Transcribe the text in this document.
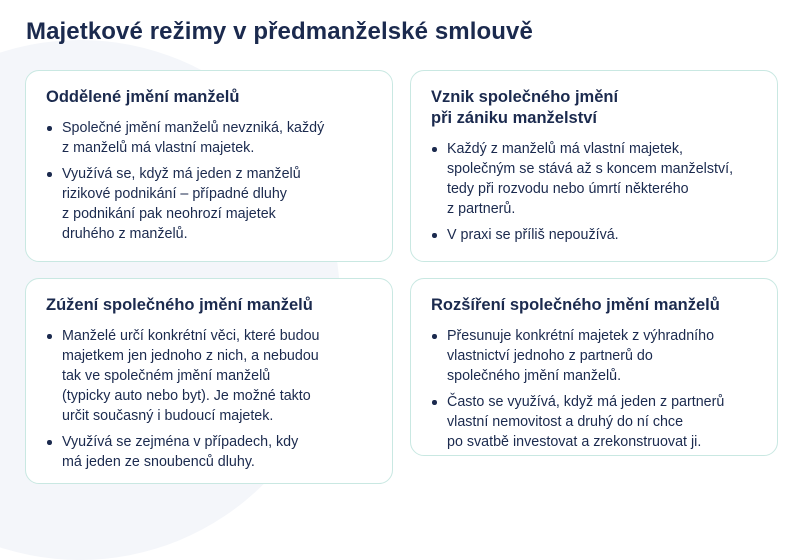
Majetkové režimy v předmanželské smlouvě
Oddělené jmění manželů
Společné jmění manželů nevzniká, každý
z manželů má vlastní majetek.
Využívá se, když má jeden z manželů
rizikové podnikání – případné dluhy
z podnikání pak neohrozí majetek
druhého z manželů.
Vznik společného jmění
při zániku manželství
Každý z manželů má vlastní majetek,
společným se stává až s koncem manželství,
tedy při rozvodu nebo úmrtí některého
z partnerů.
V praxi se příliš nepoužívá.
Zúžení společného jmění manželů
Manželé určí konkrétní věci, které budou
majetkem jen jednoho z nich, a nebudou
tak ve společném jmění manželů
(typicky auto nebo byt). Je možné takto
určit současný i budoucí majetek.
Využívá se zejména v případech, kdy
má jeden ze snoubenců dluhy.
Rozšíření společného jmění manželů
Přesunuje konkrétní majetek z výhradního
vlastnictví jednoho z partnerů do
společného jmění manželů.
Často se využívá, když má jeden z partnerů
vlastní nemovitost a druhý do ní chce
po svatbě investovat a zrekonstruovat ji.
